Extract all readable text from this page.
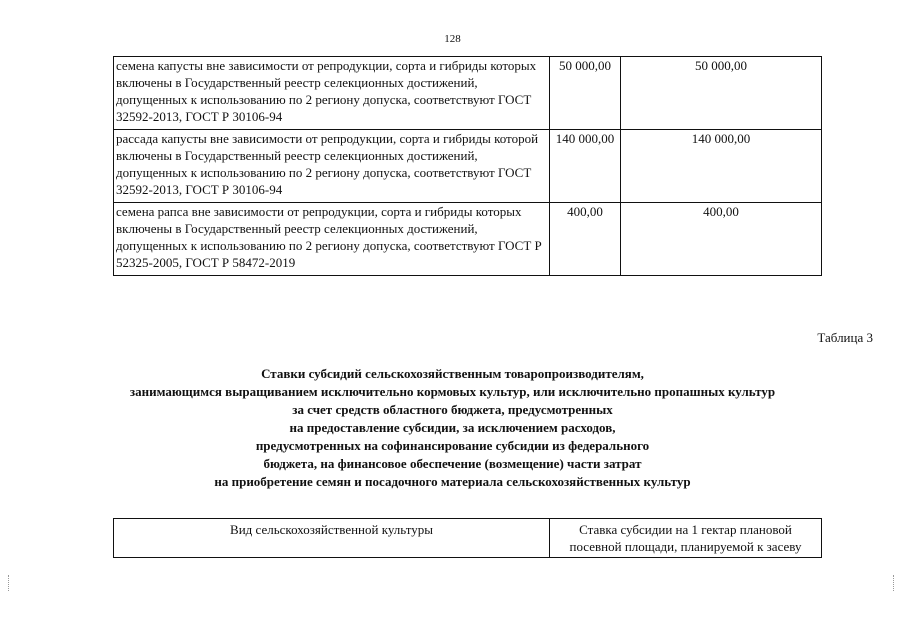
128
семена капусты вне зависимости от репродукции, сорта и гибриды которых включены в Государственный реестр селекционных достижений, допущенных к использованию по 2 региону допуска, соответствуют ГОСТ 32592-2013, ГОСТ Р 30106-94	50 000,00	50 000,00
рассада капусты вне зависимости от репродукции, сорта и гибриды которой включены в Государственный реестр селекционных достижений, допущенных к использованию по 2 региону допуска, соответствуют ГОСТ 32592-2013, ГОСТ Р 30106-94	140 000,00	140 000,00
семена рапса вне зависимости от репродукции, сорта и гибриды которых включены в Государственный реестр селекционных достижений, допущенных к использованию по 2 региону допуска, соответствуют ГОСТ Р 52325-2005, ГОСТ Р 58472-2019	400,00	400,00
Таблица 3
Ставки субсидий сельскохозяйственным товаропроизводителям,
занимающимся выращиванием исключительно кормовых культур, или исключительно пропашных культур
за счет средств областного бюджета, предусмотренных
на предоставление субсидии, за исключением расходов,
предусмотренных на софинансирование субсидии из федерального
бюджета, на финансовое обеспечение (возмещение) части затрат
на приобретение семян и посадочного материала сельскохозяйственных культур
Вид сельскохозяйственной культуры	Ставка субсидии на 1 гектар плановой посевной площади, планируемой к засеву
